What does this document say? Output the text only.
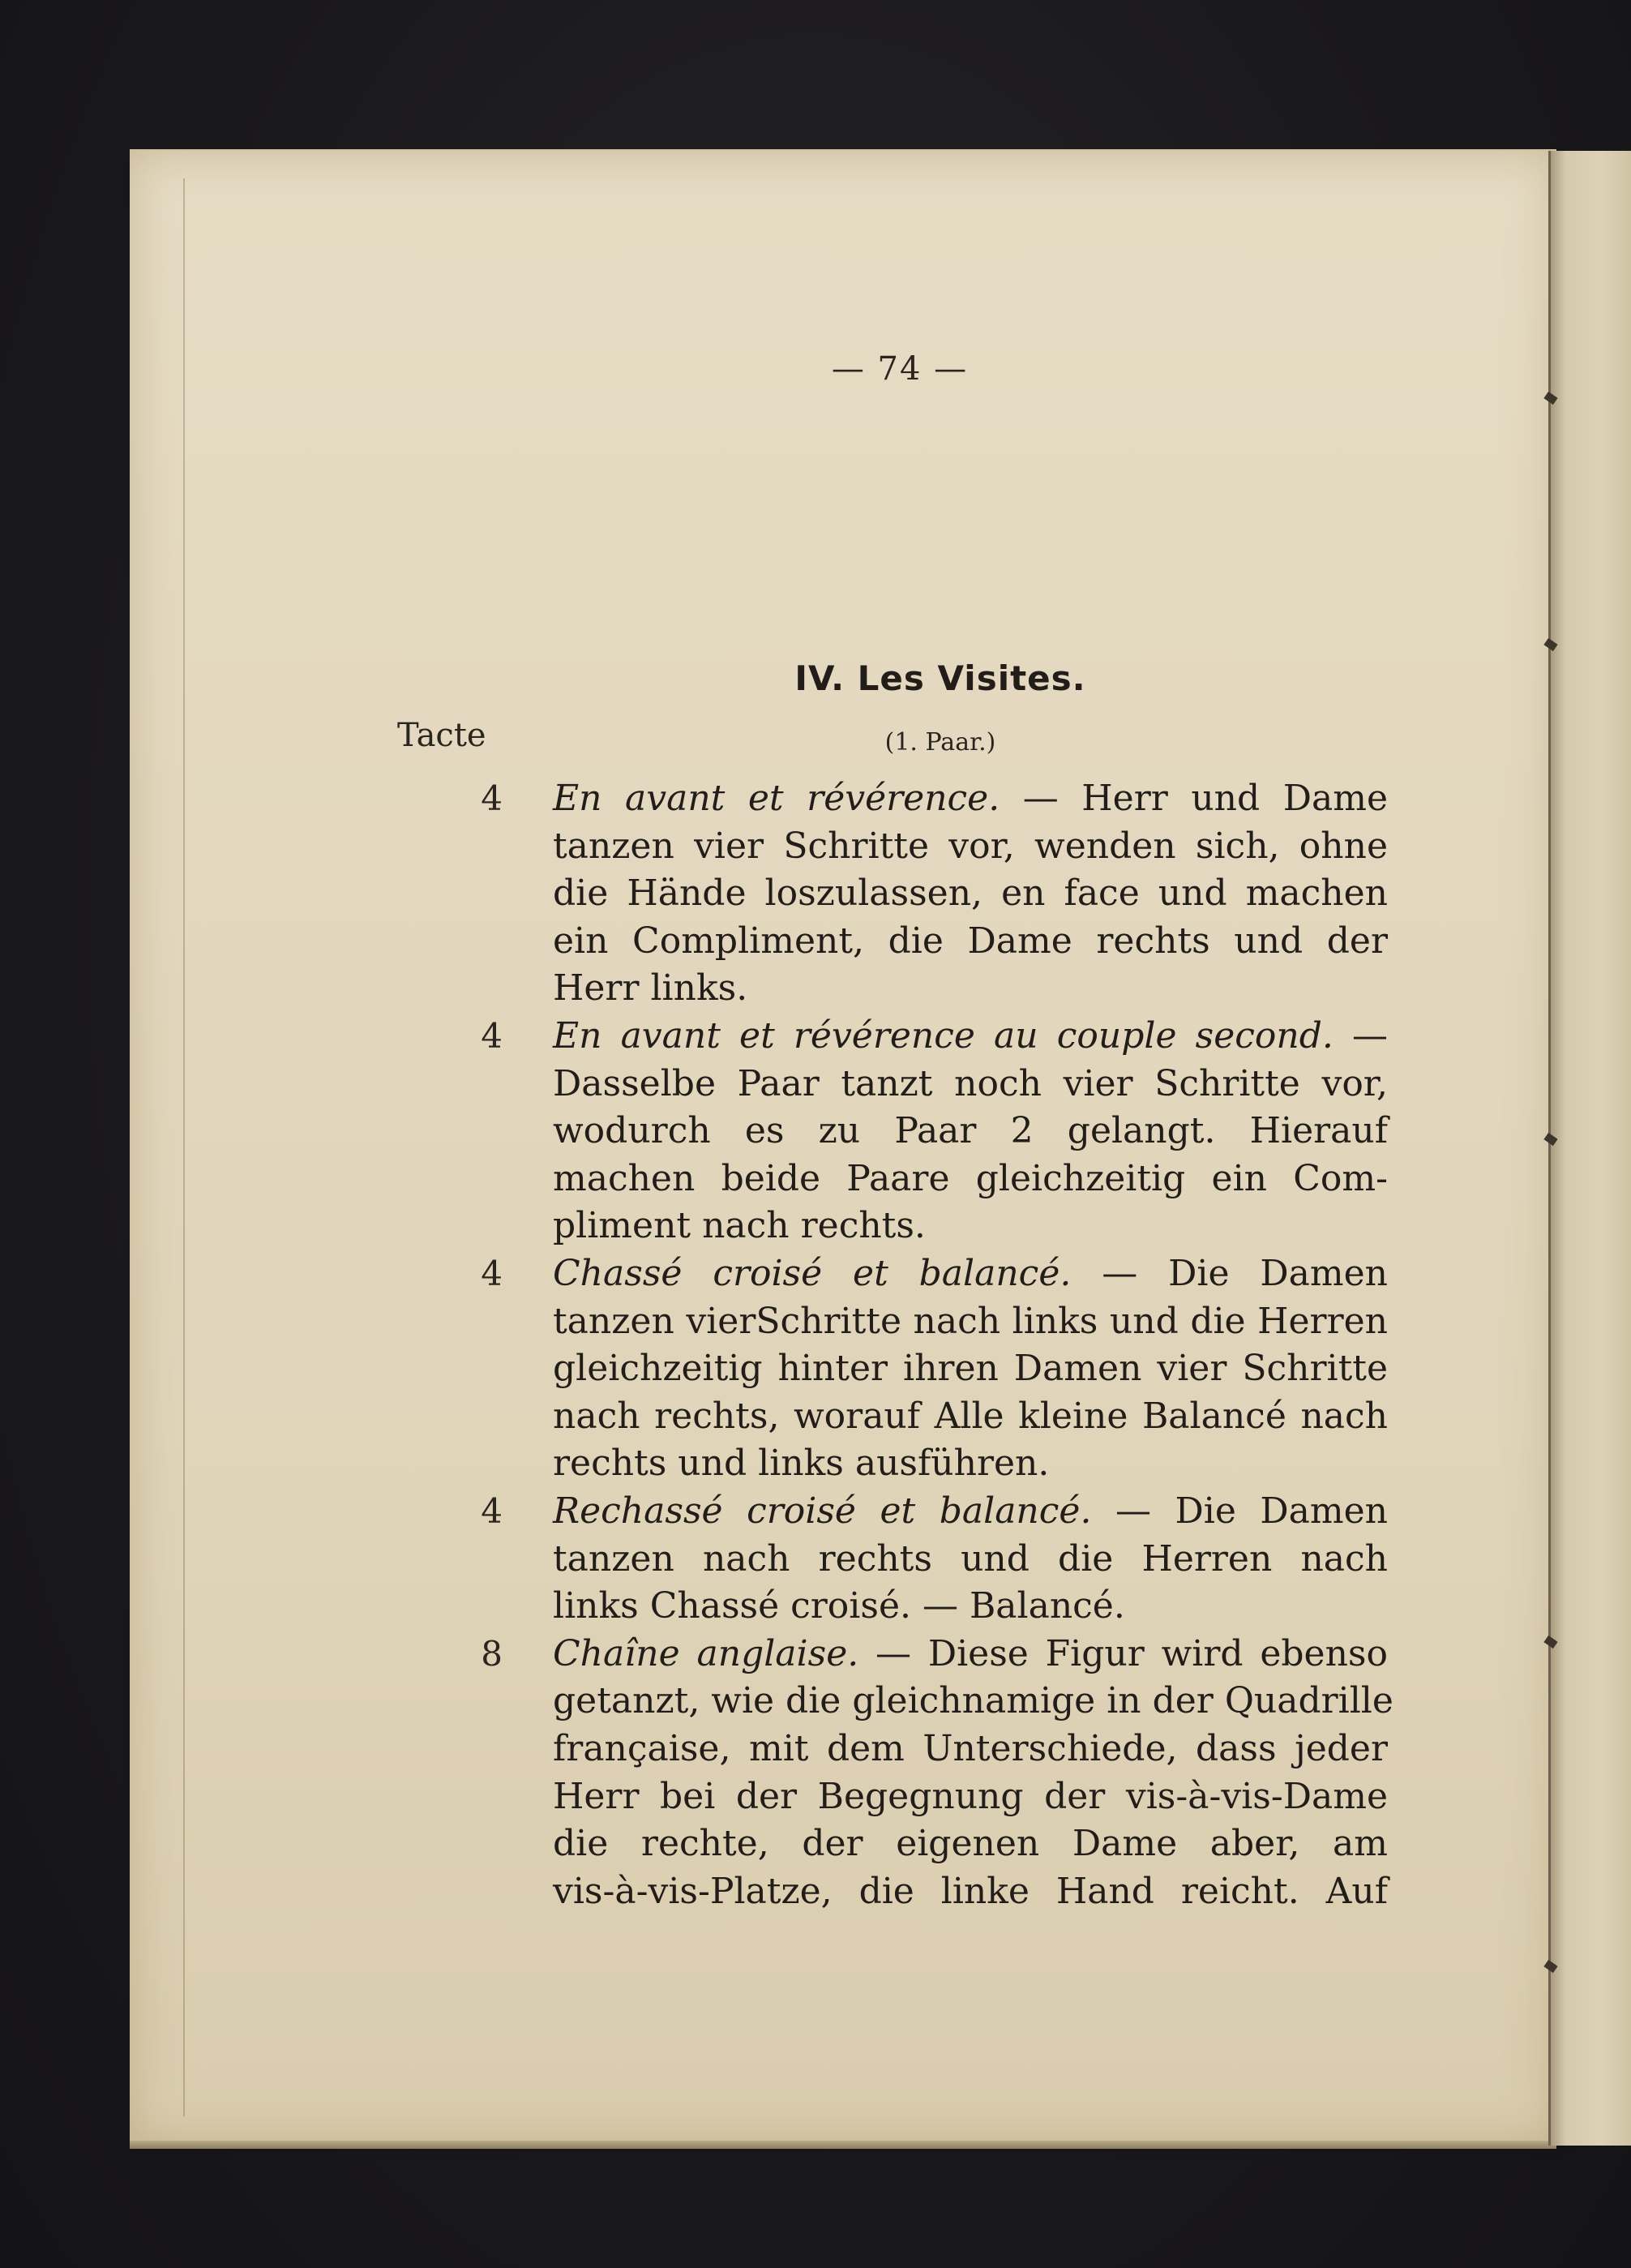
— 74 —
IV. Les Visites.
Tacte	(1. Paar.)
4 En avant et révérence. — Herr und Dame
tanzen vier Schritte vor, wenden sich, ohne
die Hände loszulassen, en face und machen
ein Compliment, die Dame rechts und der
Herr links.
4 En avant et révérence au couple second. —
Dasselbe Paar tanzt noch vier Schritte vor,
wodurch es zu Paar 2 gelangt. Hierauf
machen beide Paare gleichzeitig ein Com-
pliment nach rechts.
4 Chassé croisé et balancé. — Die Damen
tanzen vierSchritte nach links und die Herren
gleichzeitig hinter ihren Damen vier Schritte
nach rechts, worauf Alle kleine Balancé nach
rechts und links ausführen.
4 Rechassé croisé et balancé. — Die Damen
tanzen nach rechts und die Herren nach
links Chassé croisé. — Balancé.
8 Chaîne anglaise. — Diese Figur wird ebenso
getanzt, wie die gleichnamige in der Quadrille
française, mit dem Unterschiede, dass jeder
Herr bei der Begegnung der vis-à-vis-Dame
die rechte, der eigenen Dame aber, am
vis-à-vis-Platze, die linke Hand reicht. Auf
